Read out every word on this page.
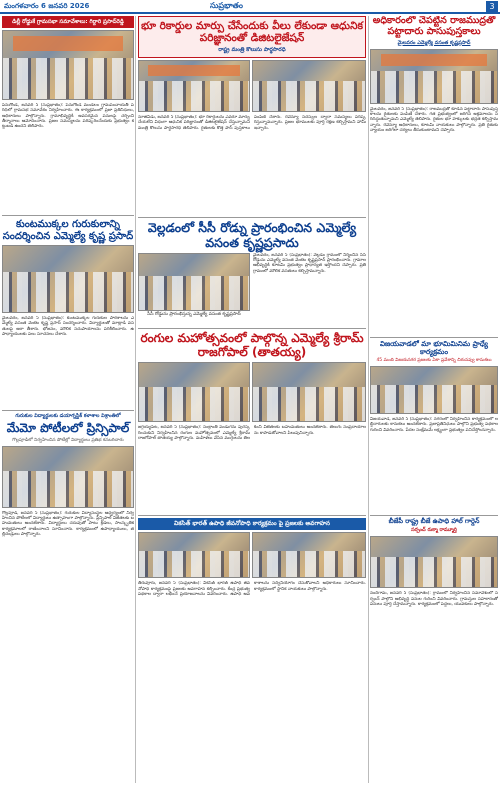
మంగళవారం 6 జనవరి 2026	సుప్రభాతం	3
డిల్లీ రోడ్డుకే గ్రామసభా సమావేశాలు: గిర్దారి ప్రసాద్‌రెడ్డి
పెనుగొండ, జనవరి 5 (సుప్రభాతం): పెనుగొండ మండలం గ్రామపంచాయతీ పరిధిలో గ్రామసభ సమావేశం నిర్వహించారు. ఈ కార్యక్రమంలో ప్రజా ప్రతినిధులు, అధికారులు పాల్గొన్నారు. గ్రామాభివృద్ధికి అవసరమైన పనులపై చర్చించి తీర్మానాలు ఆమోదించారు. ప్రజల సమస్యలను పరిష్కరించేందుకు ప్రభుత్వం కట్టుబడి ఉందని తెలిపారు.
కుంటముక్కల గురుకులాన్ని సందర్శించిన ఎమ్మెల్యే కృష్ణ ప్రసాద్
మైలవరం, జనవరి 5 (సుప్రభాతం): కుంటముక్కల గురుకుల పాఠశాలను ఎమ్మెల్యే వసంత వెంకట కృష్ణ ప్రసాద్ సందర్శించారు. విద్యార్థులతో మాట్లాడి వసతులపై ఆరా తీశారు. భోజనం, మౌలిక సదుపాయాలను పరిశీలించారు. ఉపాధ్యాయులకు పలు సూచనలు చేశారు.
గురుకుల విద్యార్థులకు డయాగ్నస్టిక్ కళాశాల విశ్రాంతిలో
మేమో పోటీలలో ప్రిన్సిపాల్
గొల్లపూడిలో నిర్వహించిన పోటీల్లో విద్యార్థులు ప్రతిభ కనబరిచారు
గొల్లపూడి, జనవరి 5 (సుప్రభాతం): గురుకుల విద్యాసంస్థల ఆధ్వర్యంలో నిర్వహించిన పోటీలలో విద్యార్థులు ఉత్సాహంగా పాల్గొన్నారు. ప్రిన్సిపాల్ విజేతలకు బహుమతులు అందజేశారు. విద్యార్థులు చదువుతో పాటు క్రీడలు, సాంస్కృతిక కార్యక్రమాలలో రాణించాలని సూచించారు. కార్యక్రమంలో ఉపాధ్యాయులు, తల్లిదండ్రులు పాల్గొన్నారు.
భూ రికార్డుల మార్పు చేసేందుకు వీలు లేకుండా ఆధునిక పరిజ్ఞానంతో డిజిటలైజేషన్
రాష్ట్ర మంత్రి కొలుసు పార్థసారధి
నూజివీడు, జనవరి 5 (సుప్రభాతం): భూ రికార్డులను ఎవరూ మార్పు చేయలేని విధంగా ఆధునిక పరిజ్ఞానంతో డిజిటలైజేషన్ చేస్తున్నామని మంత్రి కొలుసు పార్థసారధి తెలిపారు. రైతులకు కొత్త పాస్ పుస్తకాలు పంపిణీ చేశారు. రెవెన్యూ సదస్సుల ద్వారా సమస్యలు పరిష్కరిస్తున్నామన్నారు. ప్రజల భూములకు పూర్తి రక్షణ కల్పిస్తామని హామీ ఇచ్చారు.
వెల్లడంలో సీసీ రోడ్ను ప్రారంభించిన ఎమ్మెల్యే వసంత కృష్ణప్రసాదు
సీసీ రోడ్డును ప్రారంభిస్తున్న ఎమ్మెల్యే వసంత కృష్ణప్రసాద్
మైలవరం, జనవరి 5 (సుప్రభాతం): వెల్లడం గ్రామంలో నిర్మించిన సీసీ రోడ్డును ఎమ్మెల్యే వసంత వెంకట కృష్ణప్రసాద్ ప్రారంభించారు. గ్రామాల అభివృద్ధికి కూటమి ప్రభుత్వం ప్రాధాన్యత ఇస్తోందని చెప్పారు. ప్రతి గ్రామంలో మౌలిక వసతులు కల్పిస్తామన్నారు.
రంగుల మహోత్సవంలో పాల్గొన్న ఎమ్మెల్యే శ్రీరామ్ రాజగోపాల్ (తాతయ్య)
జగ్గయ్యపేట, జనవరి 5 (సుప్రభాతం): సంక్రాంతి పండుగను పురస్కరించుకుని నిర్వహించిన రంగుల మహోత్సవంలో ఎమ్మెల్యే శ్రీరామ్ రాజగోపాల్ తాతయ్య పాల్గొన్నారు. మహిళలు వేసిన ముగ్గులను తిలకించి విజేతలకు బహుమతులు అందజేశారు. తెలుగు సంప్రదాయాలను కాపాడుకోవాలని పిలుపునిచ్చారు.
వికసిత్ భారత్ ఉపాధి జీవనోపాధి కార్యక్రమం పై ప్రజలకు అవగాహన
తిరువూరు, జనవరి 5 (సుప్రభాతం): వికసిత్ భారత్ ఉపాధి జీవనోపాధి కార్యక్రమంపై ప్రజలకు అవగాహన కల్పించారు. కేంద్ర ప్రభుత్వ పథకాల ద్వారా లభించే ప్రయోజనాలను వివరించారు. ఉపాధి అవకాశాలను సద్వినియోగం చేసుకోవాలని అధికారులు సూచించారు. కార్యక్రమంలో స్థానిక నాయకులు పాల్గొన్నారు.
అధికారంలో చేపట్టిన రాజముద్రతో పట్టాదారు పాసుపుస్తకాలు
మైలవరం ఎమ్మెల్యే వసంత కృష్ణప్రసాద్
మైలవరం, జనవరి 5 (సుప్రభాతం): రాజముద్రతో కూడిన పట్టాదారు పాసుపుస్తకాలను రైతులకు పంపిణీ చేశారు. గత ప్రభుత్వంలో జరిగిన అక్రమాలను సరిదిద్దుతున్నామని ఎమ్మెల్యే తెలిపారు. రైతుల భూ హక్కులకు భద్రత కల్పిస్తామన్నారు. రెవెన్యూ అధికారులు, కూటమి నాయకులు పాల్గొన్నారు. ప్రతి రైతుకు న్యాయం జరిగేలా చర్యలు తీసుకుంటామని చెప్పారు.
విజయవాడలో మా భూమిమినిమ ప్రాధ్యే కార్యక్రమం
45 మంది విజయనగర ప్రజలకు ఏకా ప్రవేశాన్ని చిరునవ్వు కానుకలు
విజయవాడ, జనవరి 5 (సుప్రభాతం): నగరంలో నిర్వహించిన కార్యక్రమంలో లబ్ధిదారులకు కానుకలు అందజేశారు. ప్రజాప్రతినిధులు పాల్గొని ప్రభుత్వ పథకాల గురించి వివరించారు. పేదల సంక్షేమమే లక్ష్యంగా ప్రభుత్వం పనిచేస్తోందన్నారు.
బీజేపీ రాష్ట్ర బీజే ఉపాధి హాల్ గార్డెన్
సర్పంచ్ రుక్మా రామ్మూర్తి
నందిగామ, జనవరి 5 (సుప్రభాతం): గ్రామంలో నిర్వహించిన సమావేశంలో సర్పంచ్ పాల్గొని అభివృద్ధి పనుల గురించి వివరించారు. గ్రామస్తుల సహకారంతో పనులు పూర్తి చేస్తామన్నారు. కార్యక్రమంలో పెద్దలు, యువకులు పాల్గొన్నారు.
